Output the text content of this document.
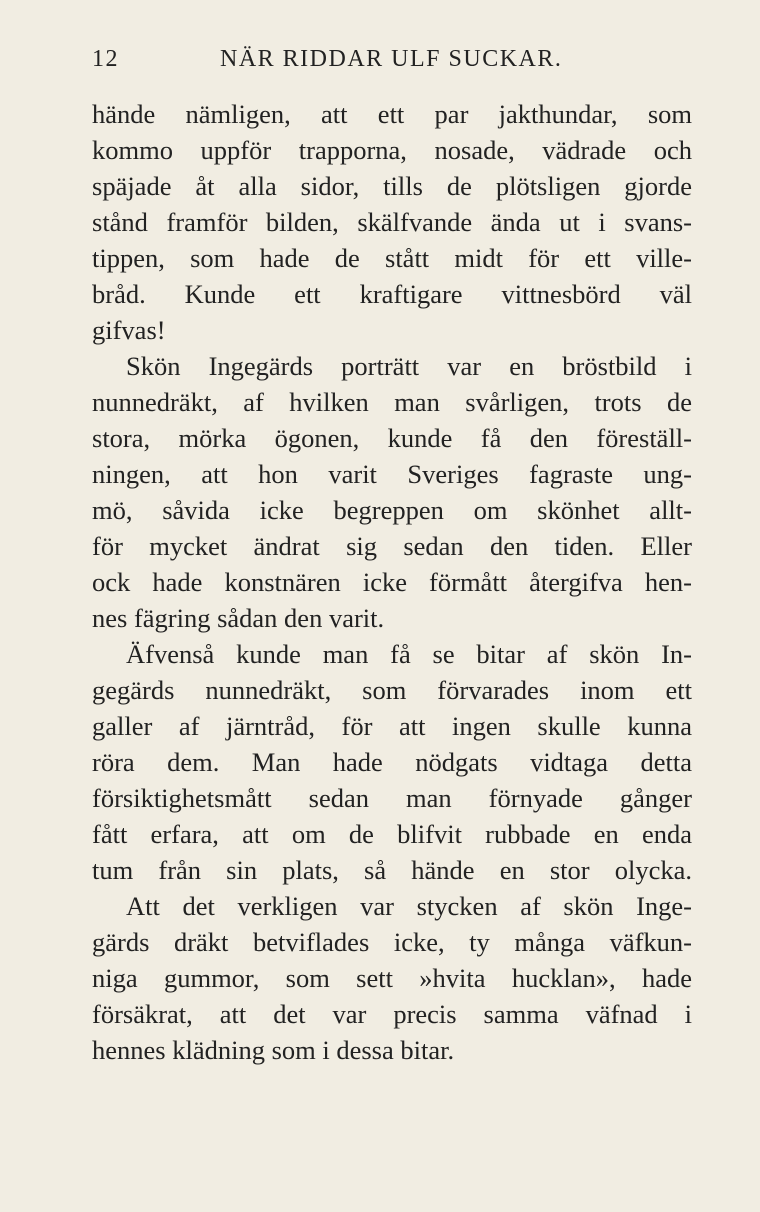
12	NÄR RIDDAR ULF SUCKAR.
hände nämligen, att ett par jakthundar, som
kommo uppför trapporna, nosade, vädrade och
späjade åt alla sidor, tills de plötsligen gjorde
stånd framför bilden, skälfvande ända ut i svans-
tippen, som hade de stått midt för ett ville-
bråd. Kunde ett kraftigare vittnesbörd väl
gifvas!
Skön Ingegärds porträtt var en bröstbild i
nunnedräkt, af hvilken man svårligen, trots de
stora, mörka ögonen, kunde få den föreställ-
ningen, att hon varit Sveriges fagraste ung-
mö, såvida icke begreppen om skönhet allt-
för mycket ändrat sig sedan den tiden. Eller
ock hade konstnären icke förmått återgifva hen-
nes fägring sådan den varit.
Äfvenså kunde man få se bitar af skön In-
gegärds nunnedräkt, som förvarades inom ett
galler af järntråd, för att ingen skulle kunna
röra dem. Man hade nödgats vidtaga detta
försiktighetsmått sedan man förnyade gånger
fått erfara, att om de blifvit rubbade en enda
tum från sin plats, så hände en stor olycka.
Att det verkligen var stycken af skön Inge-
gärds dräkt betviflades icke, ty många väfkun-
niga gummor, som sett »hvita hucklan», hade
försäkrat, att det var precis samma väfnad i
hennes klädning som i dessa bitar.
